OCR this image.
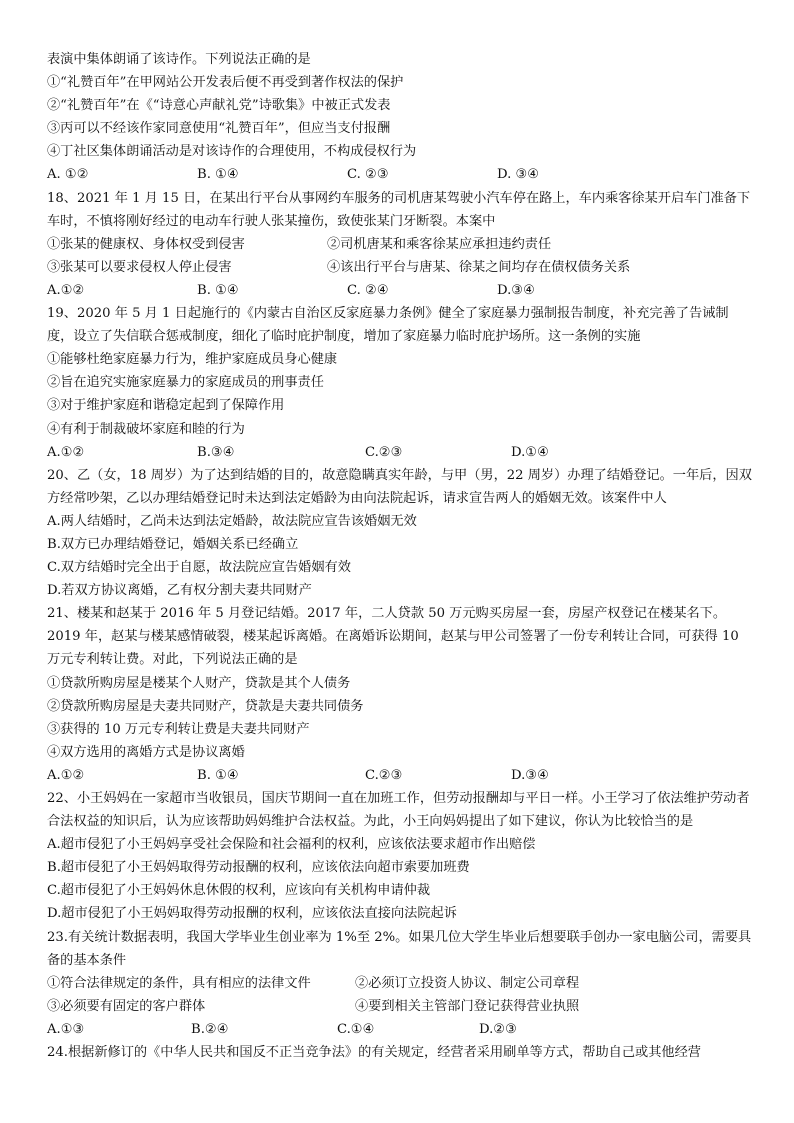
表演中集体朗诵了该诗作。下列说法正确的是
①“礼赞百年”在甲网站公开发表后便不再受到著作权法的保护
②“礼赞百年”在《“诗意心声献礼党”诗歌集》中被正式发表
③丙可以不经该作家同意使用“礼赞百年”，但应当支付报酬
④丁社区集体朗诵活动是对该诗作的合理使用，不构成侵权行为
A. ①②	B. ①④	C. ②③	D. ③④
18、2021 年 1 月 15 日，在某出行平台从事网约车服务的司机唐某驾驶小汽车停在路上，车内乘客徐某开启车门准备下车时，不慎将刚好经过的电动车行驶人张某撞伤，致使张某门牙断裂。本案中
①张某的健康权、身体权受到侵害	②司机唐某和乘客徐某应承担违约责任
③张某可以要求侵权人停止侵害	④该出行平台与唐某、徐某之间均存在债权债务关系
A.①②	B. ①④	C. ②④	D.③④
19、2020 年 5 月 1 日起施行的《内蒙古自治区反家庭暴力条例》健全了家庭暴力强制报告制度，补充完善了告诫制度，设立了失信联合惩戒制度，细化了临时庇护制度，增加了家庭暴力临时庇护场所。这一条例的实施
①能够杜绝家庭暴力行为，维护家庭成员身心健康
②旨在追究实施家庭暴力的家庭成员的刑事责任
③对于维护家庭和谐稳定起到了保障作用
④有利于制裁破坏家庭和睦的行为
A.①②	B.③④	C.②③	D.①④
20、乙（女，18 周岁）为了达到结婚的目的，故意隐瞒真实年龄，与甲（男，22 周岁）办理了结婚登记。一年后，因双方经常吵架，乙以办理结婚登记时未达到法定婚龄为由向法院起诉，请求宣告两人的婚姻无效。该案件中人
A.两人结婚时，乙尚未达到法定婚龄，故法院应宣告该婚姻无效
B.双方已办理结婚登记，婚姻关系已经确立
C.双方结婚时完全出于自愿，故法院应宣告婚姻有效
D.若双方协议离婚，乙有权分割夫妻共同财产
21、楼某和赵某于 2016 年 5 月登记结婚。2017 年，二人贷款 50 万元购买房屋一套，房屋产权登记在楼某名下。2019 年，赵某与楼某感情破裂，楼某起诉离婚。在离婚诉讼期间，赵某与甲公司签署了一份专利转让合同，可获得 10 万元专利转让费。对此，下列说法正确的是
①贷款所购房屋是楼某个人财产，贷款是其个人债务
②贷款所购房屋是夫妻共同财产，贷款是夫妻共同债务
③获得的 10 万元专利转让费是夫妻共同财产
④双方选用的离婚方式是协议离婚
A.①②	B. ①④	C.②③	D.③④
22、小王妈妈在一家超市当收银员，国庆节期间一直在加班工作，但劳动报酬却与平日一样。小王学习了依法维护劳动者合法权益的知识后，认为应该帮助妈妈维护合法权益。为此，小王向妈妈提出了如下建议，你认为比较恰当的是
A.超市侵犯了小王妈妈享受社会保险和社会福利的权利，应该依法要求超市作出赔偿
B.超市侵犯了小王妈妈取得劳动报酬的权利，应该依法向超市索要加班费
C.超市侵犯了小王妈妈休息休假的权利，应该向有关机构申请仲裁
D.超市侵犯了小王妈妈取得劳动报酬的权利，应该依法直接向法院起诉
23.有关统计数据表明，我国大学毕业生创业率为 1%至 2%。如果几位大学生毕业后想要联手创办一家电脑公司，需要具备的基本条件
①符合法律规定的条件，具有相应的法律文件	②必须订立投资人协议、制定公司章程
③必须要有固定的客户群体	④要到相关主管部门登记获得营业执照
A.①③	B.②④	C.①④	D.②③
24.根据新修订的《中华人民共和国反不正当竞争法》的有关规定，经营者采用刷单等方式，帮助自己或其他经营
